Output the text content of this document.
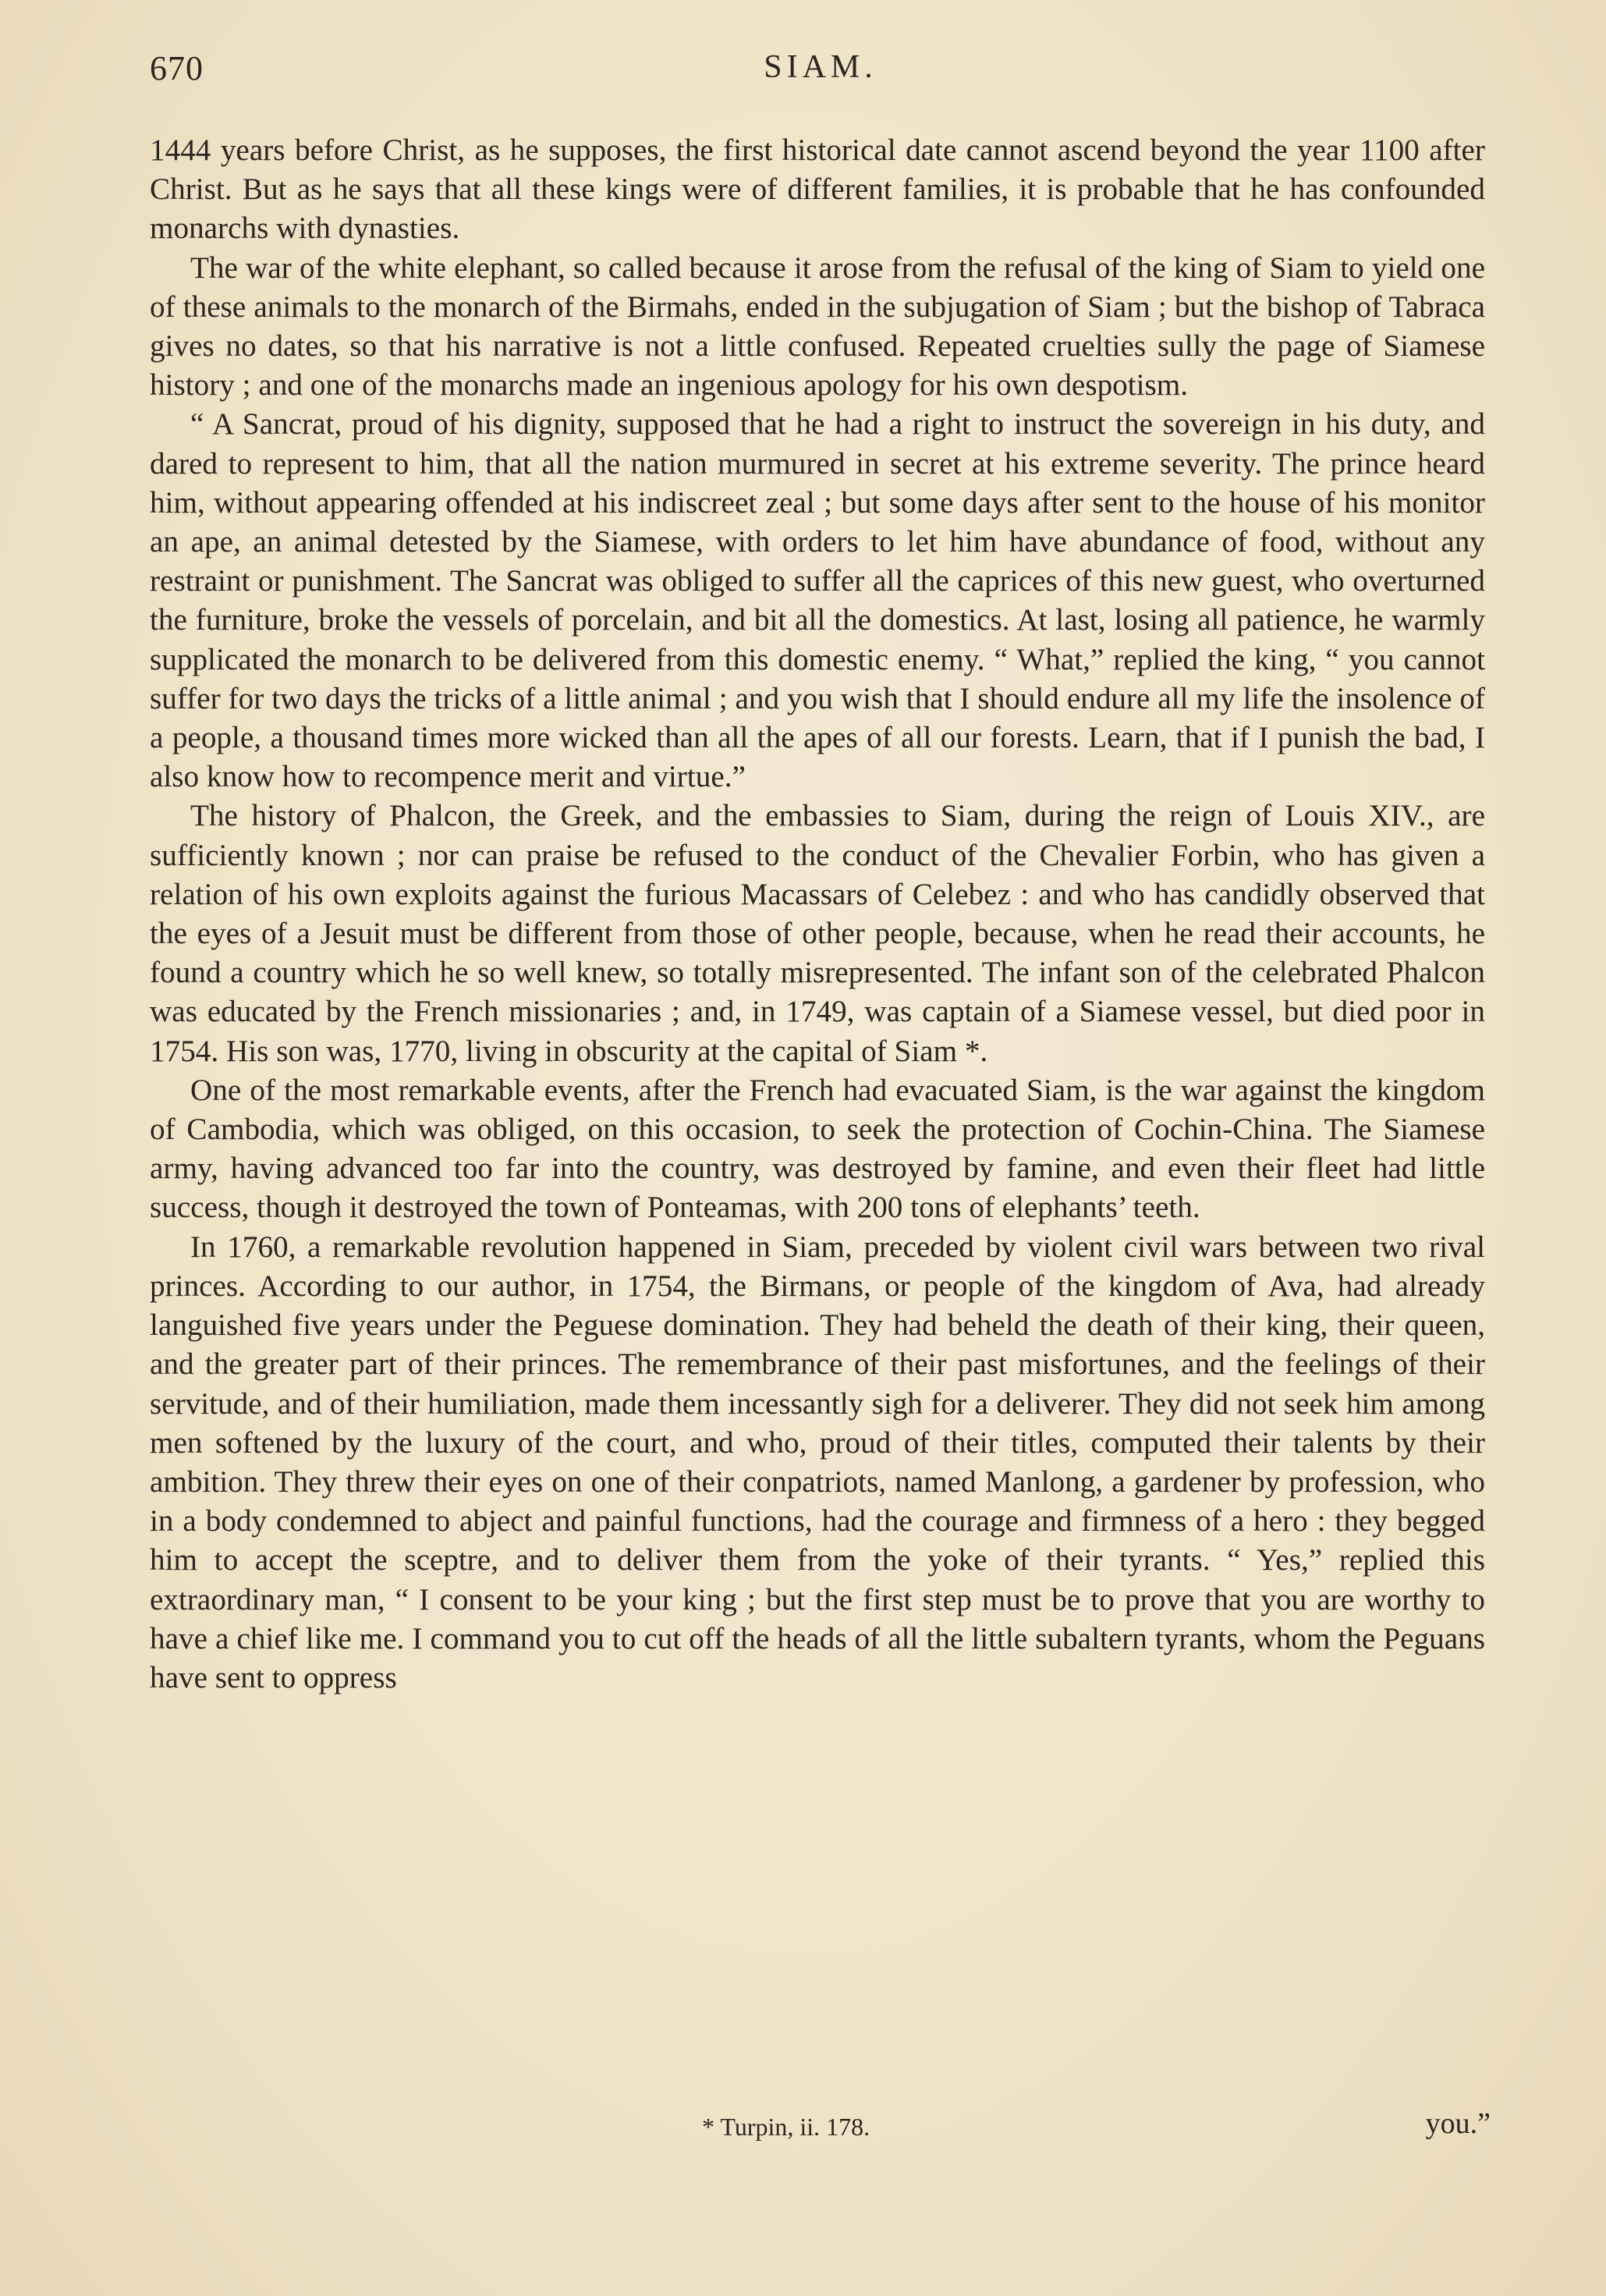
670	SIAM.

1444 years before Christ, as he supposes, the first historical date cannot ascend beyond the year 1100 after Christ. But as he says that all these kings were of different families, it is probable that he has confounded monarchs with dynasties.

The war of the white elephant, so called because it arose from the refusal of the king of Siam to yield one of these animals to the monarch of the Birmahs, ended in the subjugation of Siam ; but the bishop of Tabraca gives no dates, so that his narrative is not a little confused. Repeated cruelties sully the page of Siamese history ; and one of the monarchs made an ingenious apology for his own despotism.

“ A Sancrat, proud of his dignity, supposed that he had a right to instruct the sovereign in his duty, and dared to represent to him, that all the nation murmured in secret at his extreme severity. The prince heard him, without appearing offended at his indiscreet zeal ; but some days after sent to the house of his monitor an ape, an animal detested by the Siamese, with orders to let him have abundance of food, without any restraint or punishment. The Sancrat was obliged to suffer all the caprices of this new guest, who overturned the furniture, broke the vessels of porcelain, and bit all the domestics. At last, losing all patience, he warmly supplicated the monarch to be delivered from this domestic enemy. “ What,” replied the king, “ you cannot suffer for two days the tricks of a little animal ; and you wish that I should endure all my life the insolence of a people, a thousand times more wicked than all the apes of all our forests. Learn, that if I punish the bad, I also know how to recompence merit and virtue.”

The history of Phalcon, the Greek, and the embassies to Siam, during the reign of Louis XIV., are sufficiently known ; nor can praise be refused to the conduct of the Chevalier Forbin, who has given a relation of his own exploits against the furious Macassars of Celebez : and who has candidly observed that the eyes of a Jesuit must be different from those of other people, because, when he read their accounts, he found a country which he so well knew, so totally misrepresented. The infant son of the celebrated Phalcon was educated by the French missionaries ; and, in 1749, was captain of a Siamese vessel, but died poor in 1754. His son was, 1770, living in obscurity at the capital of Siam *.

One of the most remarkable events, after the French had evacuated Siam, is the war against the kingdom of Cambodia, which was obliged, on this occasion, to seek the protection of Cochin-China. The Siamese army, having advanced too far into the country, was destroyed by famine, and even their fleet had little success, though it destroyed the town of Ponteamas, with 200 tons of elephants’ teeth.

In 1760, a remarkable revolution happened in Siam, preceded by violent civil wars between two rival princes. According to our author, in 1754, the Birmans, or people of the kingdom of Ava, had already languished five years under the Peguese domination. They had beheld the death of their king, their queen, and the greater part of their princes. The remembrance of their past misfortunes, and the feelings of their servitude, and of their humiliation, made them incessantly sigh for a deliverer. They did not seek him among men softened by the luxury of the court, and who, proud of their titles, computed their talents by their ambition. They threw their eyes on one of their conpatriots, named Manlong, a gardener by profession, who in a body condemned to abject and painful functions, had the courage and firmness of a hero : they begged him to accept the sceptre, and to deliver them from the yoke of their tyrants. “ Yes,” replied this extraordinary man, “ I consent to be your king ; but the first step must be to prove that you are worthy to have a chief like me. I command you to cut off the heads of all the little subaltern tyrants, whom the Peguans have sent to oppress

* Turpin, ii. 178.	you.”
